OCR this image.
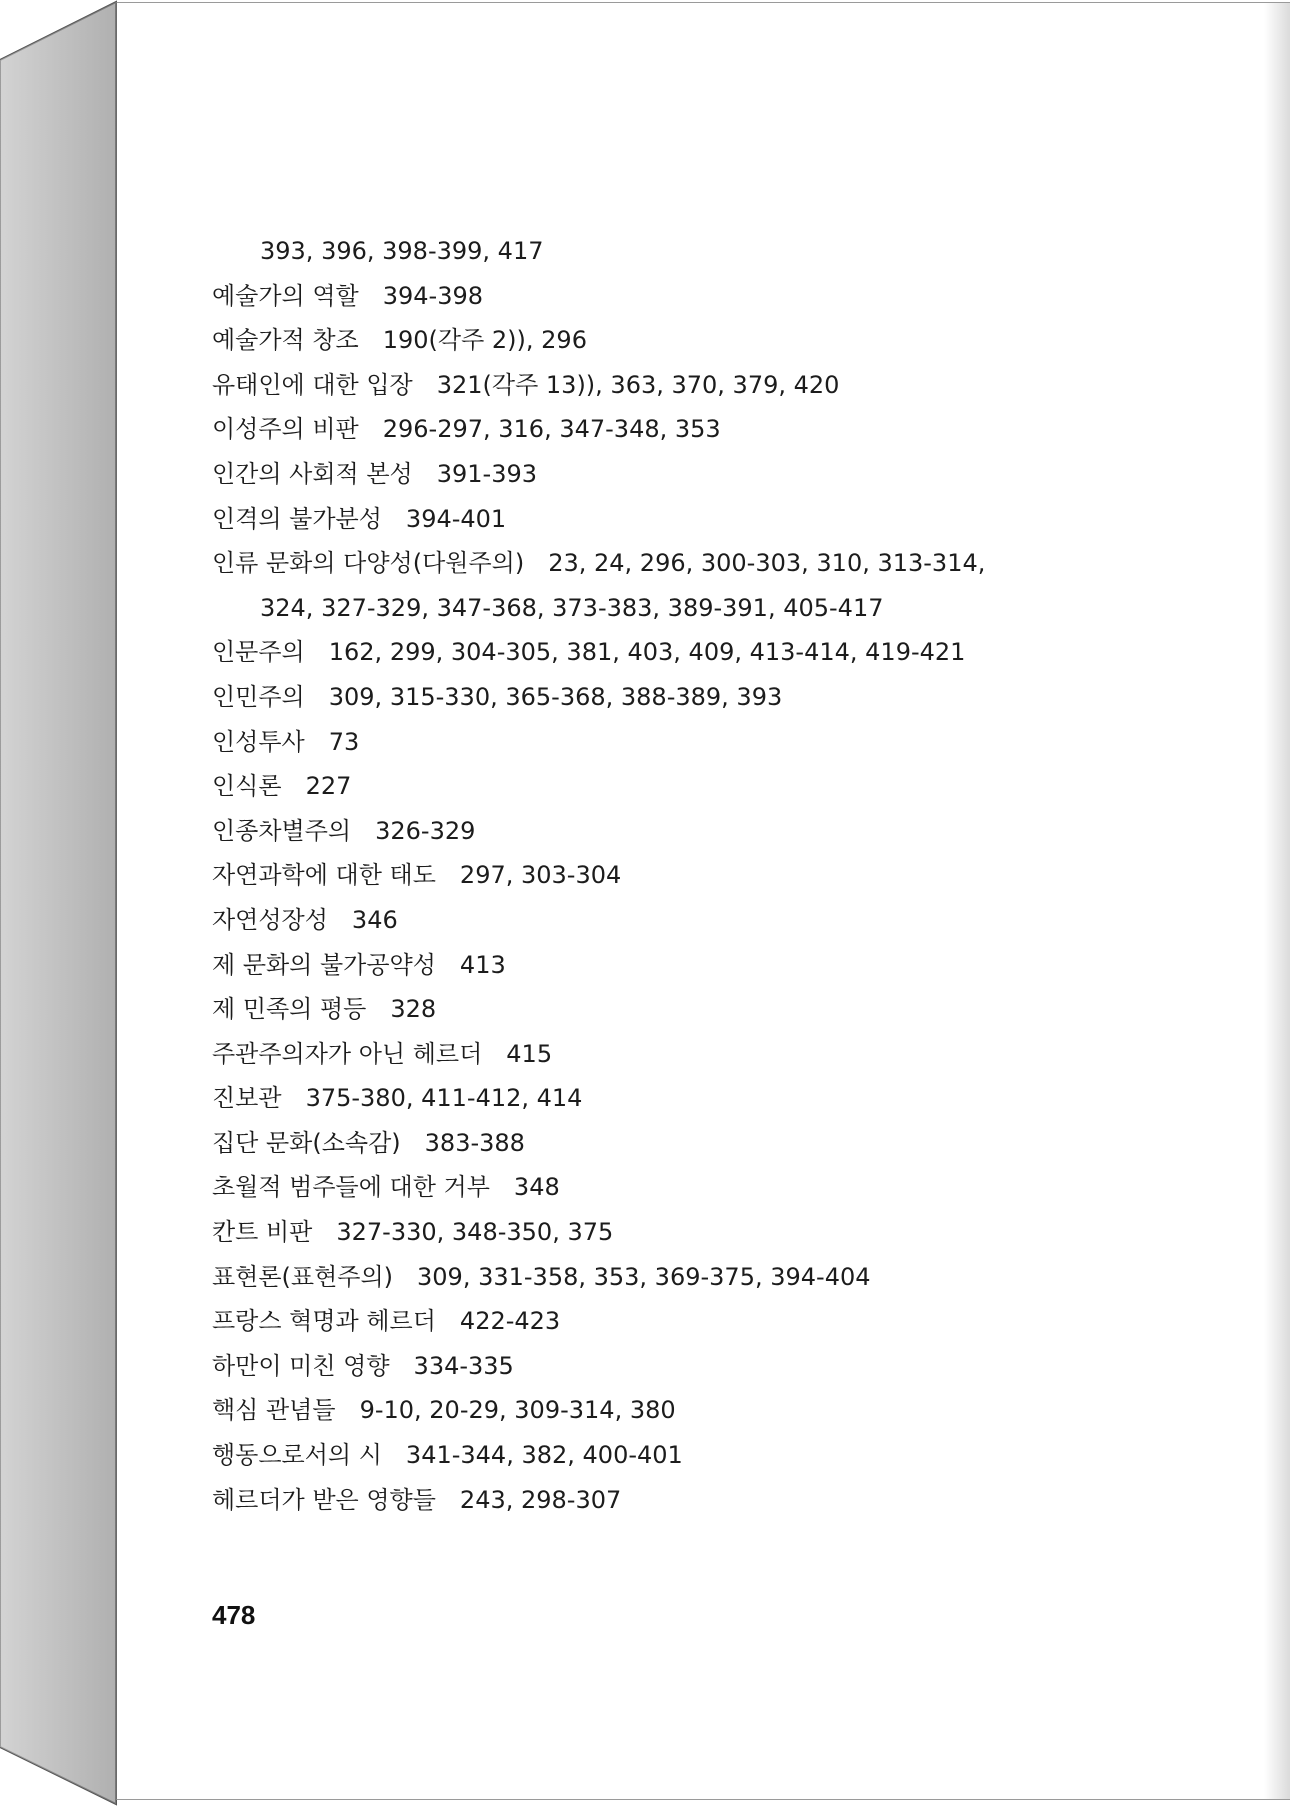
393, 396, 398-399, 417
예술가의 역할 394-398
예술가적 창조 190(각주 2)), 296
유태인에 대한 입장 321(각주 13)), 363, 370, 379, 420
이성주의 비판 296-297, 316, 347-348, 353
인간의 사회적 본성 391-393
인격의 불가분성 394-401
인류 문화의 다양성(다원주의) 23, 24, 296, 300-303, 310, 313-314,
324, 327-329, 347-368, 373-383, 389-391, 405-417
인문주의 162, 299, 304-305, 381, 403, 409, 413-414, 419-421
인민주의 309, 315-330, 365-368, 388-389, 393
인성투사 73
인식론 227
인종차별주의 326-329
자연과학에 대한 태도 297, 303-304
자연성장성 346
제 문화의 불가공약성 413
제 민족의 평등 328
주관주의자가 아닌 헤르더 415
진보관 375-380, 411-412, 414
집단 문화(소속감) 383-388
초월적 범주들에 대한 거부 348
칸트 비판 327-330, 348-350, 375
표현론(표현주의) 309, 331-358, 353, 369-375, 394-404
프랑스 혁명과 헤르더 422-423
하만이 미친 영향 334-335
핵심 관념들 9-10, 20-29, 309-314, 380
행동으로서의 시 341-344, 382, 400-401
헤르더가 받은 영향들 243, 298-307
478
